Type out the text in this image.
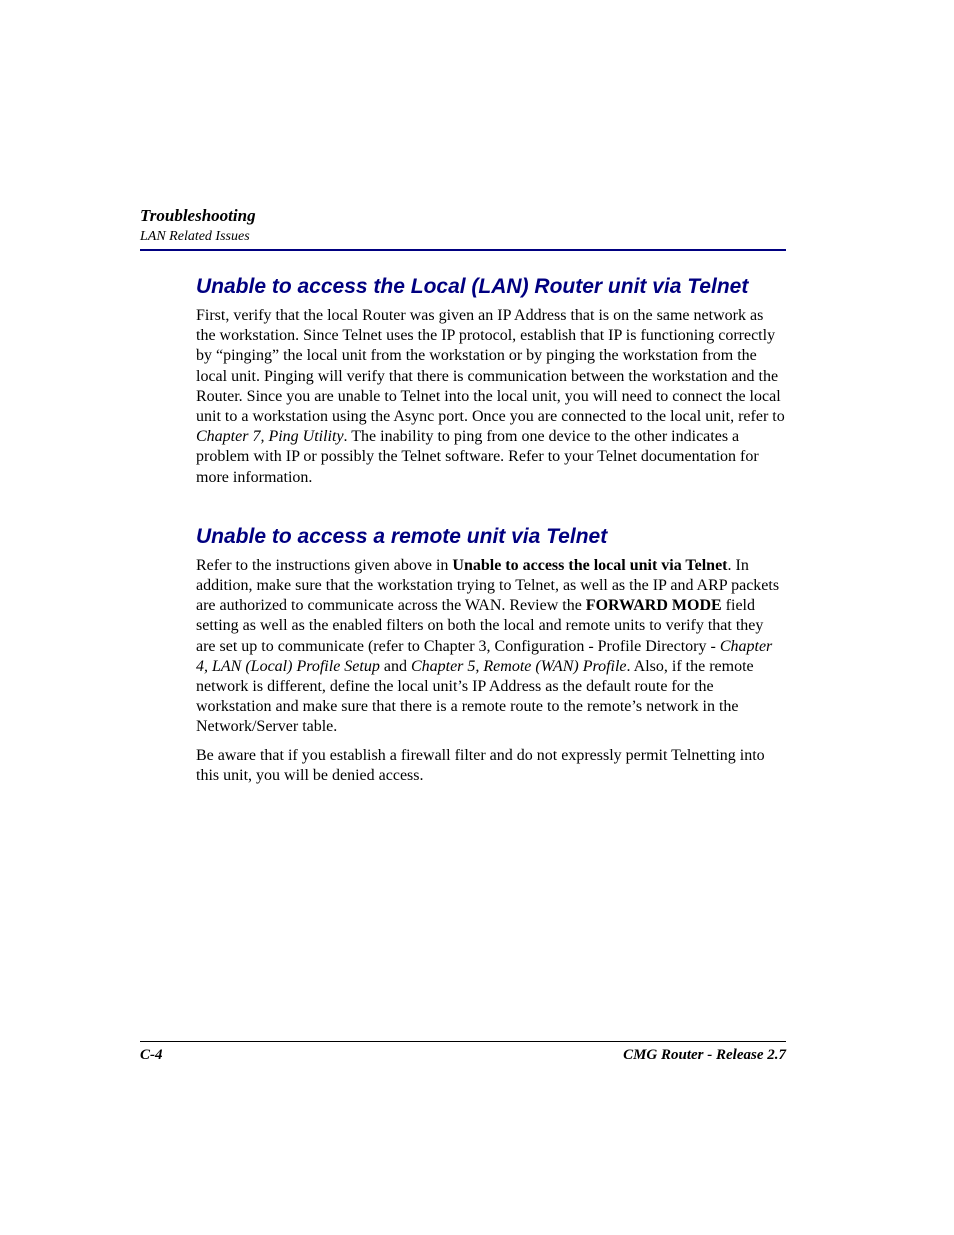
Troubleshooting
LAN Related Issues
Unable to access the Local (LAN) Router unit via Telnet

First, verify that the local Router was given an IP Address that is on the same network as the workstation. Since Telnet uses the IP protocol, establish that IP is functioning correctly by “pinging” the local unit from the workstation or by pinging the workstation from the local unit. Pinging will verify that there is communication between the workstation and the Router. Since you are unable to Telnet into the local unit, you will need to connect the local unit to a workstation using the Async port. Once you are connected to the local unit, refer to Chapter 7, Ping Utility. The inability to ping from one device to the other indicates a problem with IP or possibly the Telnet software. Refer to your Telnet documentation for more information.

Unable to access a remote unit via Telnet

Refer to the instructions given above in Unable to access the local unit via Telnet. In addition, make sure that the workstation trying to Telnet, as well as the IP and ARP packets are authorized to communicate across the WAN. Review the FORWARD MODE field setting as well as the enabled filters on both the local and remote units to verify that they are set up to communicate (refer to Chapter 3, Configuration - Profile Directory - Chapter 4, LAN (Local) Profile Setup and Chapter 5, Remote (WAN) Profile. Also, if the remote network is different, define the local unit’s IP Address as the default route for the workstation and make sure that there is a remote route to the remote’s network in the Network/Server table.

Be aware that if you establish a firewall filter and do not expressly permit Telnetting into this unit, you will be denied access.

C-4	CMG Router - Release 2.7
